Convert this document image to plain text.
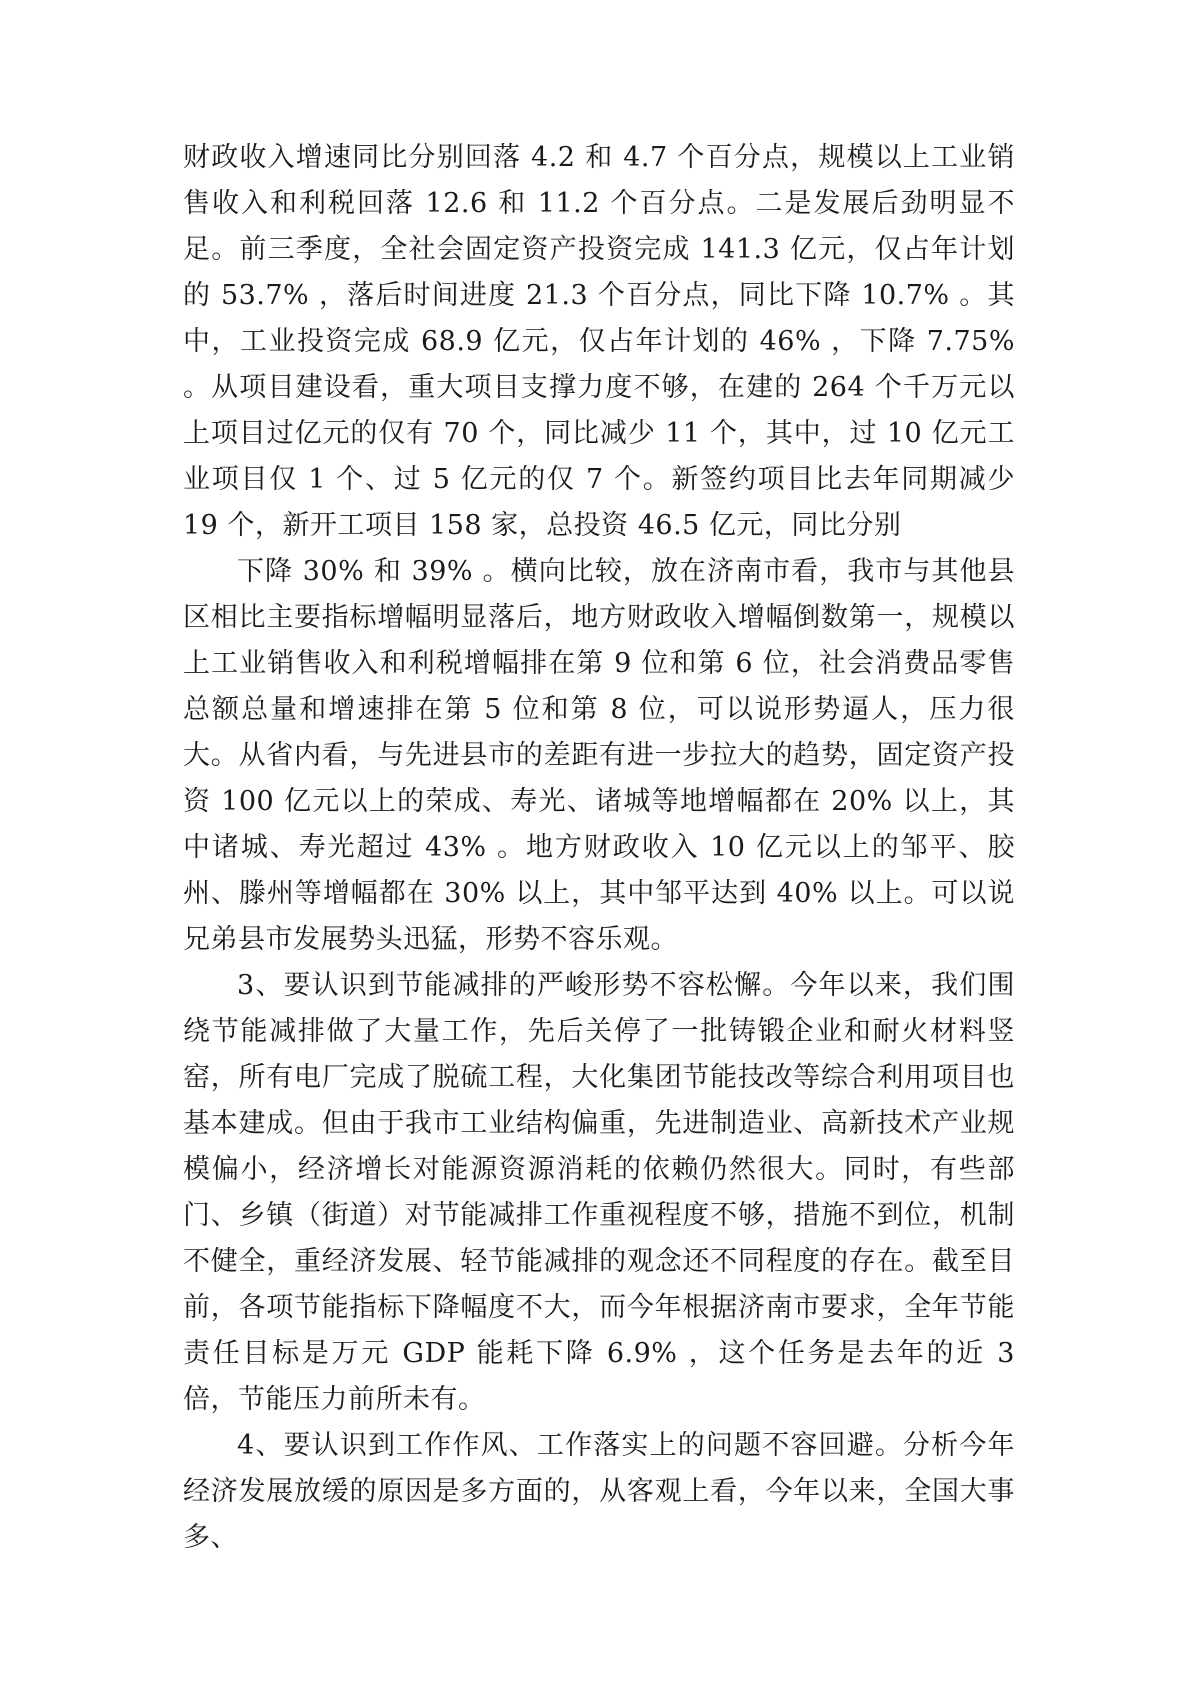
财政收入增速同比分别回落 4.2 和 4.7 个百分点，规模以上工业销售收入和利税回落 12.6 和 11.2 个百分点。二是发展后劲明显不足。前三季度，全社会固定资产投资完成 141.3 亿元，仅占年计划的 53.7% ，落后时间进度 21.3 个百分点，同比下降 10.7% 。其中，工业投资完成 68.9 亿元，仅占年计划的 46% ，下降 7.75% 。从项目建设看，重大项目支撑力度不够，在建的 264 个千万元以上项目过亿元的仅有 70 个，同比减少 11 个，其中，过 10 亿元工业项目仅 1 个、过 5 亿元的仅 7 个。新签约项目比去年同期减少 19 个，新开工项目 158 家，总投资 46.5 亿元，同比分别

下降 30% 和 39% 。横向比较，放在济南市看，我市与其他县区相比主要指标增幅明显落后，地方财政收入增幅倒数第一，规模以上工业销售收入和利税增幅排在第 9 位和第 6 位，社会消费品零售总额总量和增速排在第 5 位和第 8 位，可以说形势逼人，压力很大。从省内看，与先进县市的差距有进一步拉大的趋势，固定资产投资 100 亿元以上的荣成、寿光、诸城等地增幅都在 20% 以上，其中诸城、寿光超过 43% 。地方财政收入 10 亿元以上的邹平、胶州、滕州等增幅都在 30% 以上，其中邹平达到 40% 以上。可以说兄弟县市发展势头迅猛，形势不容乐观。

3、要认识到节能减排的严峻形势不容松懈。今年以来，我们围绕节能减排做了大量工作，先后关停了一批铸锻企业和耐火材料竖窑，所有电厂完成了脱硫工程，大化集团节能技改等综合利用项目也基本建成。但由于我市工业结构偏重，先进制造业、高新技术产业规模偏小，经济增长对能源资源消耗的依赖仍然很大。同时，有些部门、乡镇（街道）对节能减排工作重视程度不够，措施不到位，机制不健全，重经济发展、轻节能减排的观念还不同程度的存在。截至目前，各项节能指标下降幅度不大，而今年根据济南市要求，全年节能责任目标是万元 GDP 能耗下降 6.9% ，这个任务是去年的近 3 倍，节能压力前所未有。

4、要认识到工作作风、工作落实上的问题不容回避。分析今年经济发展放缓的原因是多方面的，从客观上看，今年以来，全国大事多、
